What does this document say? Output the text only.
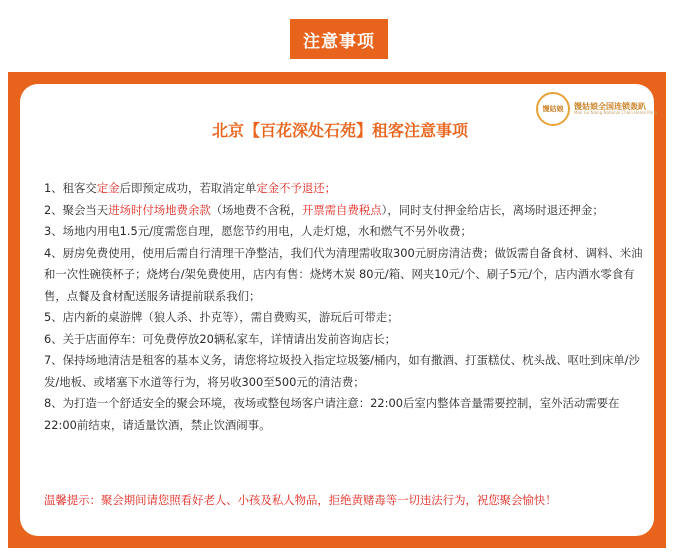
注意事项
馒姑娘	馒姑娘全国连锁轰趴
Man Gu Niang National Chain Home Party
北京【百花深处石苑】租客注意事项
1、租客交定金后即预定成功，若取消定单定金不予退还；
2、聚会当天进场时付场地费余款（场地费不含税，开票需自费税点），同时支付押金给店长，离场时退还押金；
3、场地内用电1.5元/度需您自理，愿您节约用电，人走灯熄，水和燃气不另外收费；
4、厨房免费使用，使用后需自行清理干净整洁，我们代为清理需收取300元厨房清洁费；做饭需自备食材、调料、米油和一次性碗筷杯子；烧烤台/架免费使用，店内有售：烧烤木炭 80元/箱、网夹10元/个、刷子5元/个，店内酒水零食有售，点餐及食材配送服务请提前联系我们；
5、店内新的桌游牌（狼人杀、扑克等），需自费购买，游玩后可带走；
6、关于店面停车：可免费停放20辆私家车，详情请出发前咨询店长；
7、保持场地清洁是租客的基本义务，请您将垃圾投入指定垃圾篓/桶内，如有撒酒、打蛋糕仗、枕头战、呕吐到床单/沙发/地板、或堵塞下水道等行为，将另收300至500元的清洁费；
8、为打造一个舒适安全的聚会环境，夜场或整包场客户请注意：22:00后室内整体音量需要控制，室外活动需要在22:00前结束，请适量饮酒，禁止饮酒闹事。
温馨提示：聚会期间请您照看好老人、小孩及私人物品，拒绝黄赌毒等一切违法行为，祝您聚会愉快！
